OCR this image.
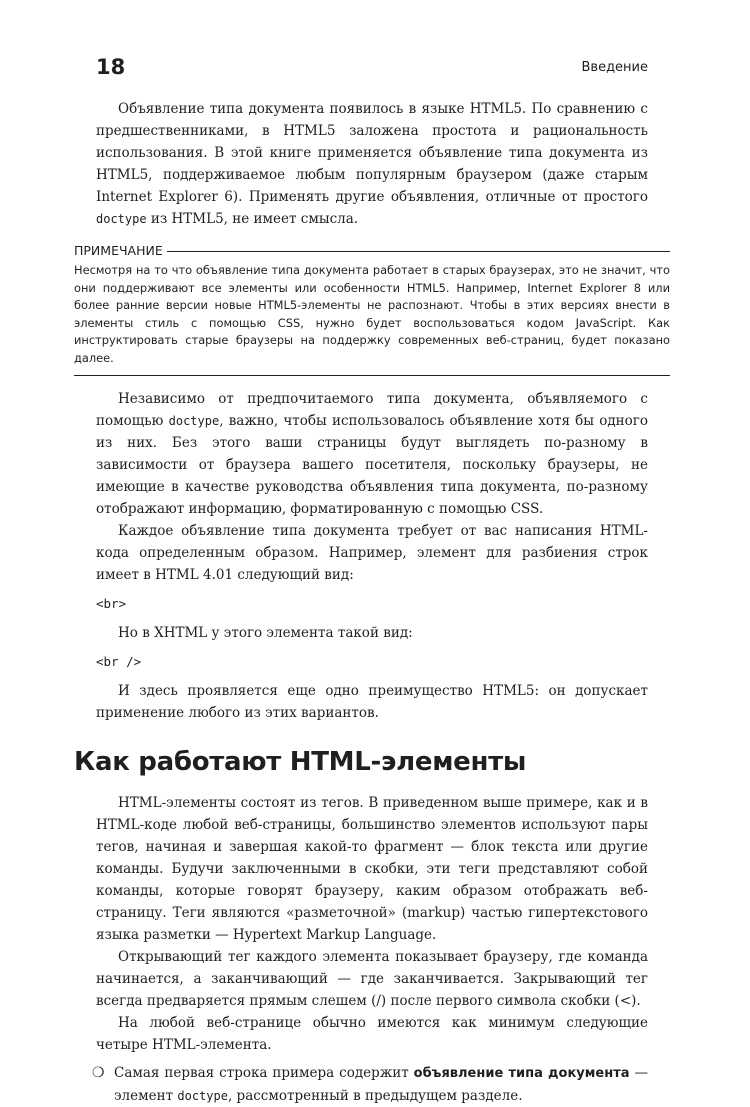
18	Введение

Объявление типа документа появилось в языке HTML5. По сравнению с предшественниками, в HTML5 заложена простота и рациональность использования. В этой книге применяется объявление типа документа из HTML5, поддерживаемое любым популярным браузером (даже старым Internet Explorer 6). Применять другие объявления, отличные от простого doctype из HTML5, не имеет смысла.

ПРИМЕЧАНИЕ
Несмотря на то что объявление типа документа работает в старых браузерах, это не значит, что они поддерживают все элементы или особенности HTML5. Например, Internet Explorer 8 или более ранние версии новые HTML5-элементы не распознают. Чтобы в этих версиях внести в элементы стиль с помощью CSS, нужно будет воспользоваться кодом JavaScript. Как инструктировать старые браузеры на поддержку современных веб-страниц, будет показано далее.

Независимо от предпочитаемого типа документа, объявляемого с помощью doctype, важно, чтобы использовалось объявление хотя бы одного из них. Без этого ваши страницы будут выглядеть по-разному в зависимости от браузера вашего посетителя, поскольку браузеры, не имеющие в качестве руководства объявления типа документа, по-разному отображают информацию, форматированную с помощью CSS.

Каждое объявление типа документа требует от вас написания HTML-кода определенным образом. Например, элемент для разбиения строк имеет в HTML 4.01 следующий вид:

<br>

Но в XHTML у этого элемента такой вид:

<br />

И здесь проявляется еще одно преимущество HTML5: он допускает применение любого из этих вариантов.

Как работают HTML-элементы

HTML-элементы состоят из тегов. В приведенном выше примере, как и в HTML-коде любой веб-страницы, большинство элементов используют пары тегов, начиная и завершая какой-то фрагмент — блок текста или другие команды. Будучи заключенными в скобки, эти теги представляют собой команды, которые говорят браузеру, каким образом отображать веб-страницу. Теги являются «разметочной» (markup) частью гипертекстового языка разметки — Hypertext Markup Language.

Открывающий тег каждого элемента показывает браузеру, где команда начинается, а заканчивающий — где заканчивается. Закрывающий тег всегда предваряется прямым слешем (/) после первого символа скобки (<).

На любой веб-странице обычно имеются как минимум следующие четыре HTML-элемента.

❍ Самая первая строка примера содержит объявление типа документа — элемент doctype, рассмотренный в предыдущем разделе.
